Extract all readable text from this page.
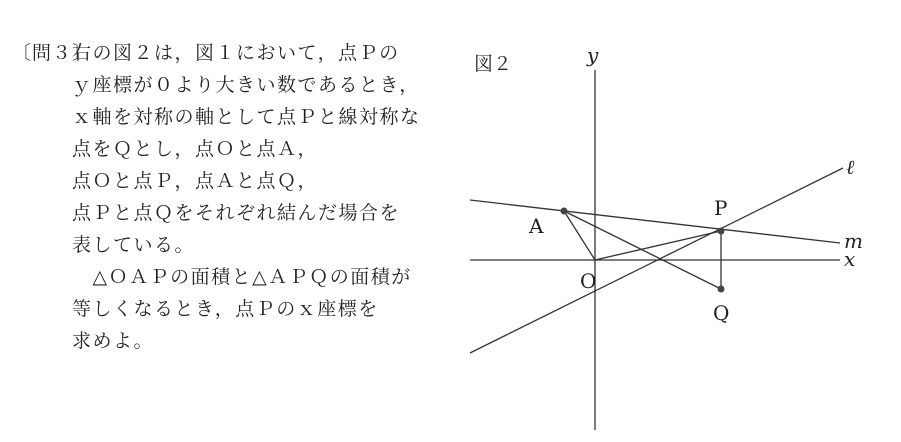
〔問３〕
右の図２は，図１において，点Ｐの
ｙ座標が０より大きい数であるとき，
ｘ軸を対称の軸として点Ｐと線対称な
点をＱとし，点Ｏと点Ａ，
点Ｏと点Ｐ，点Ａと点Ｑ，
点Ｐと点Ｑをそれぞれ結んだ場合を
表している。
　△ＯＡＰの面積と△ＡＰＱの面積が
等しくなるとき，点Ｐのｘ座標を
求めよ。
図２	y
x
O
ℓ
m
A
P
Q
